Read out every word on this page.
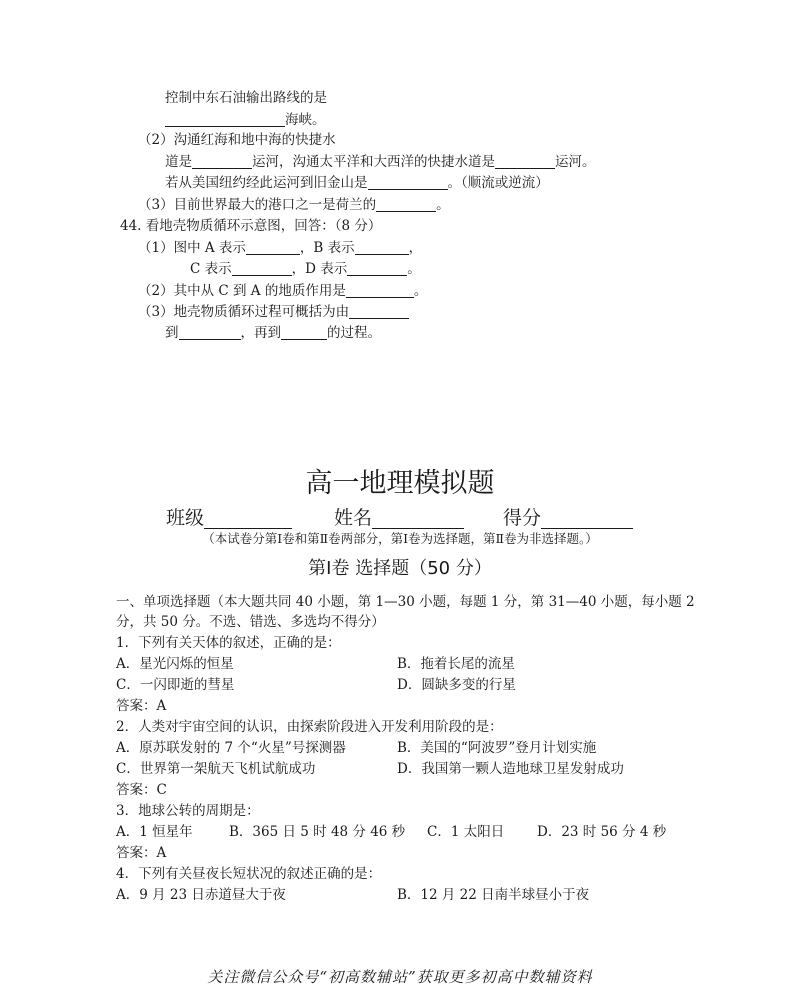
控制中东石油输出路线的是
海峡。
（2）沟通红海和地中海的快捷水
道是	运河，沟通太平洋和大西洋的快捷水道是	运河。
若从美国纽约经此运河到旧金山是	。（顺流或逆流）
（3）目前世界最大的港口之一是荷兰的	。
44. 看地壳物质循环示意图，回答：（8 分）
（1）图中 A 表示	，B 表示	，
C 表示	，D 表示	。
（2）其中从 C 到 A 的地质作用是	。
（3）地壳物质循环过程可概括为由
到	，再到	的过程。
高一地理模拟题
班级	姓名	得分
（本试卷分第Ⅰ卷和第Ⅱ卷两部分，第Ⅰ卷为选择题，第Ⅱ卷为非选择题。）
第Ⅰ卷 选择题（50 分）
一、单项选择题（本大题共同 40 小题，第 1—30 小题，每题 1 分，第 31—40 小题，每小题 2
分，共 50 分。不选、错选、多选均不得分）
1．下列有关天体的叙述，正确的是：
A．星光闪烁的恒星	B．拖着长尾的流星
C．一闪即逝的彗星	D．圆缺多变的行星
答案：A
2．人类对宇宙空间的认识，由探索阶段进入开发利用阶段的是：
A．原苏联发射的 7 个“火星”号探测器	B．美国的“阿波罗”登月计划实施
C．世界第一架航天飞机试航成功	D．我国第一颗人造地球卫星发射成功
答案：C
3．地球公转的周期是：
A．1 恒星年	B．365 日 5 时 48 分 46 秒 C．1 太阳日 D．23 时 56 分 4 秒
答案：A
4．下列有关昼夜长短状况的叙述正确的是：
A．9 月 23 日赤道昼大于夜	B．12 月 22 日南半球昼小于夜
关注微信公众号“初高数辅站”获取更多初高中数辅资料
